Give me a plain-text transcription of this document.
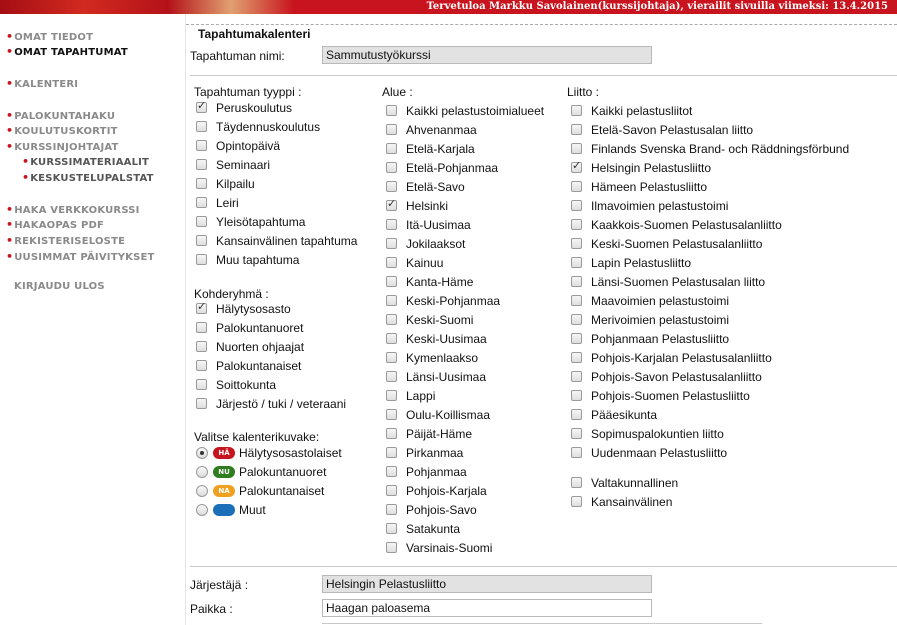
Tervetuloa Markku Savolainen(kurssijohtaja), vierailit sivuilla viimeksi: 13.4.2015
•OMAT TIEDOT
•OMAT TAPAHTUMAT
•KALENTERI
•PALOKUNTAHAKU
•KOULUTUSKORTIT
•KURSSINJOHTAJAT
•KURSSIMATERIAALIT
•KESKUSTELUPALSTAT
•HAKA VERKKOKURSSI
•HAKAOPAS PDF
•REKISTERISELOSTE
•UUSIMMAT PÄIVITYKSET
KIRJAUDU ULOS
Tapahtumakalenteri
Tapahtuman nimi:
Sammutustyökurssi
Tapahtuman tyyppi :
✓
Peruskoulutus
Täydennuskoulutus
Opintopäivä
Seminaari
Kilpailu
Leiri
Yleisötapahtuma
Kansainvälinen tapahtuma
Muu tapahtuma
Kohderyhmä :
✓
Hälytysosasto
Palokuntanuoret
Nuorten ohjaajat
Palokuntanaiset
Soittokunta
Järjestö / tuki / veteraani
Valitse kalenterikuvake:
HÄ Hälytysosastolaiset
NU Palokuntanuoret
NA Palokuntanaiset
Muut
Alue :
Kaikki pelastustoimialueet
Ahvenanmaa
Etelä-Karjala
Etelä-Pohjanmaa
Etelä-Savo
✓
Helsinki
Itä-Uusimaa
Jokilaaksot
Kainuu
Kanta-Häme
Keski-Pohjanmaa
Keski-Suomi
Keski-Uusimaa
Kymenlaakso
Länsi-Uusimaa
Lappi
Oulu-Koillismaa
Päijät-Häme
Pirkanmaa
Pohjanmaa
Pohjois-Karjala
Pohjois-Savo
Satakunta
Varsinais-Suomi
Liitto :
Kaikki pelastusliitot
Etelä-Savon Pelastusalan liitto
Finlands Svenska Brand- och Räddningsförbund
✓
Helsingin Pelastusliitto
Hämeen Pelastusliitto
Ilmavoimien pelastustoimi
Kaakkois-Suomen Pelastusalanliitto
Keski-Suomen Pelastusalanliitto
Lapin Pelastusliitto
Länsi-Suomen Pelastusalan liitto
Maavoimien pelastustoimi
Merivoimien pelastustoimi
Pohjanmaan Pelastusliitto
Pohjois-Karjalan Pelastusalanliitto
Pohjois-Savon Pelastusalanliitto
Pohjois-Suomen Pelastusliitto
Pääesikunta
Sopimuspalokuntien liitto
Uudenmaan Pelastusliitto
Valtakunnallinen
Kansainvälinen
Järjestäjä :
Helsingin Pelastusliitto
Paikka :
Haagan paloasema
